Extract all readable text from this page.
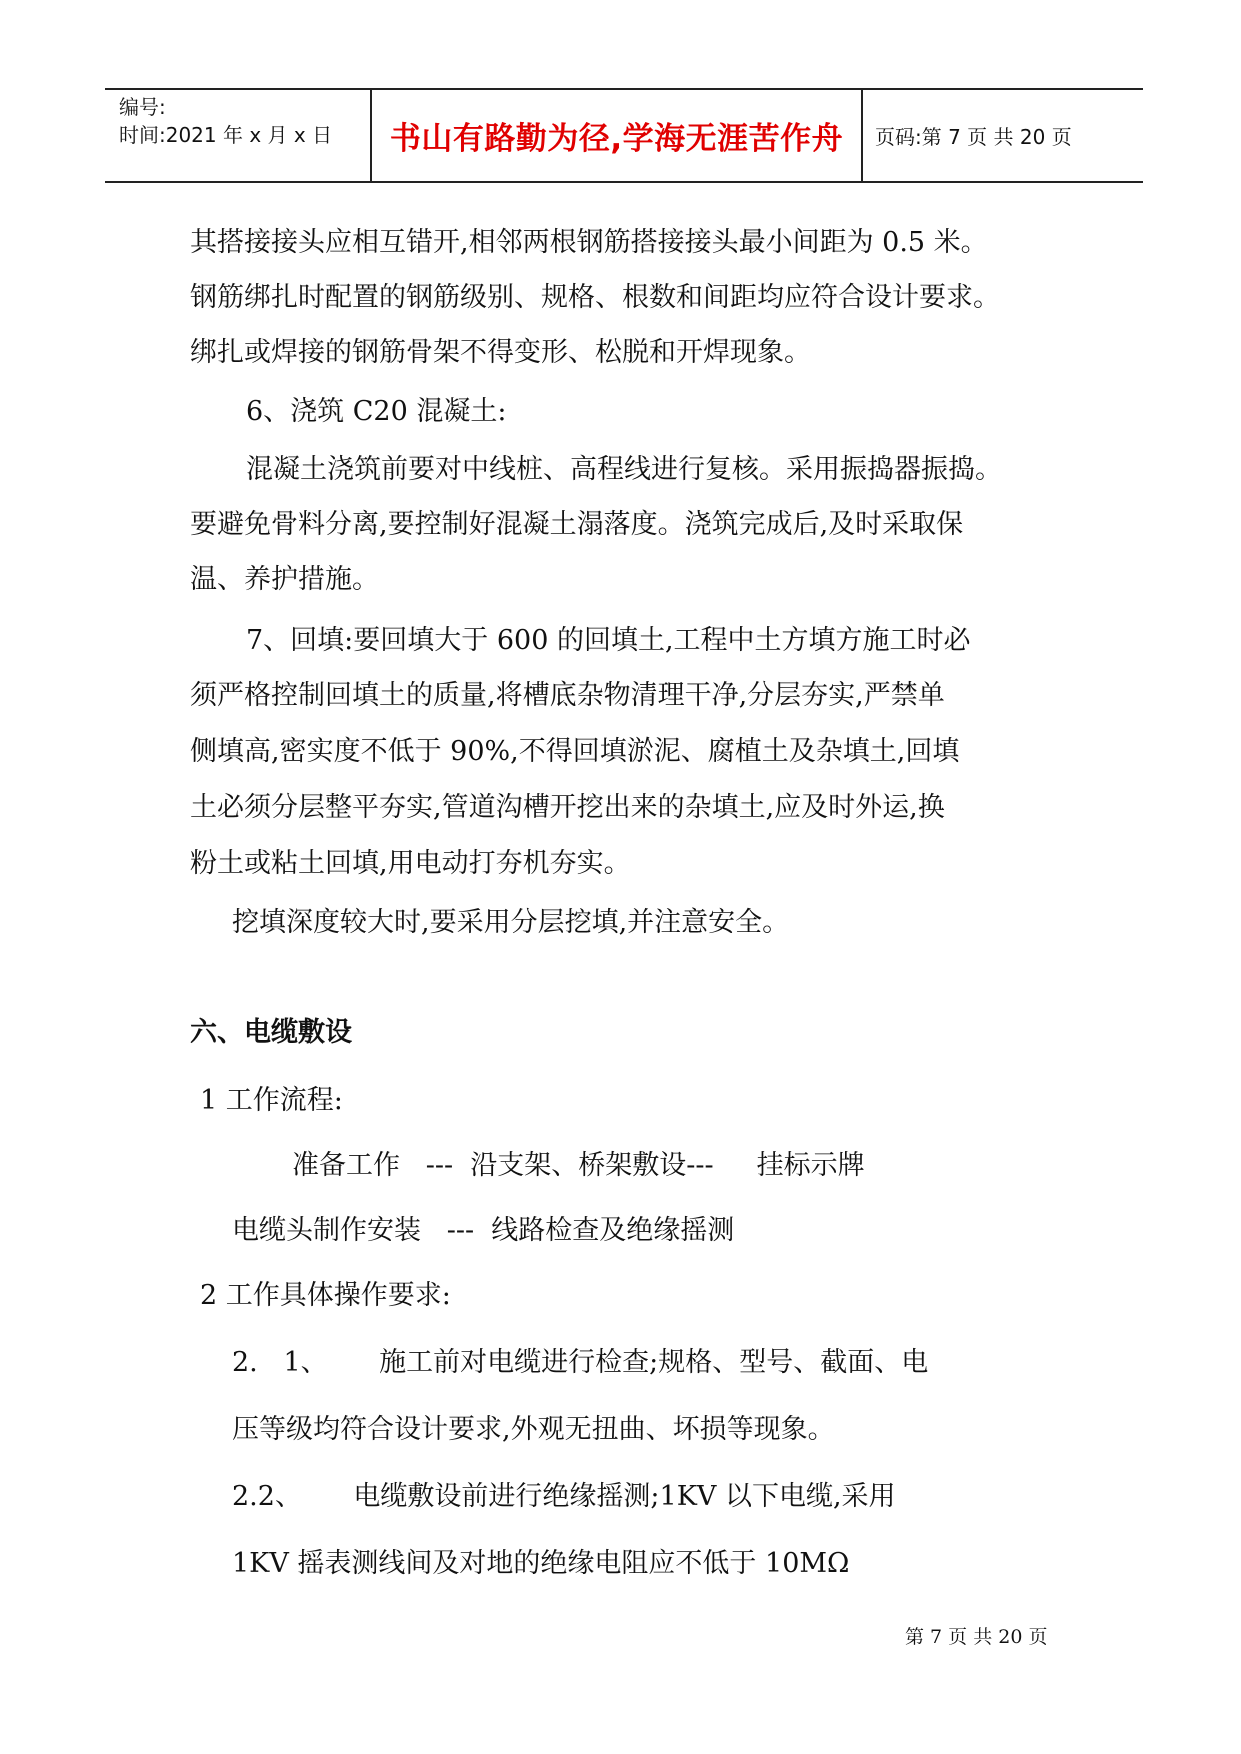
编号:
时间:2021 年 x 月 x 日	书山有路勤为径,学海无涯苦作舟	页码:第 7 页 共 20 页
其搭接接头应相互错开,相邻两根钢筋搭接接头最小间距为 0.5 米。
钢筋绑扎时配置的钢筋级别、规格、根数和间距均应符合设计要求。
绑扎或焊接的钢筋骨架不得变形、松脱和开焊现象。
6、浇筑 C20 混凝土:
混凝土浇筑前要对中线桩、高程线进行复核。采用振捣器振捣。
要避免骨料分离,要控制好混凝土溻落度。浇筑完成后,及时采取保
温、养护措施。
7、回填:要回填大于 600 的回填土,工程中土方填方施工时必
须严格控制回填土的质量,将槽底杂物清理干净,分层夯实,严禁单
侧填高,密实度不低于 90%,不得回填淤泥、腐植土及杂填土,回填
土必须分层整平夯实,管道沟槽开挖出来的杂填土,应及时外运,换
粉土或粘土回填,用电动打夯机夯实。
挖填深度较大时,要采用分层挖填,并注意安全。
六、电缆敷设
1 工作流程:
准备工作   ---  沿支架、桥架敷设---     挂标示牌
电缆头制作安装   ---  线路检查及绝缘摇测
2 工作具体操作要求:
2.   1、      施工前对电缆进行检查;规格、型号、截面、电
压等级均符合设计要求,外观无扭曲、坏损等现象。
2.2、      电缆敷设前进行绝缘摇测;1KV 以下电缆,采用
1KV 摇表测线间及对地的绝缘电阻应不低于 10MΩ
第 7 页 共 20 页
